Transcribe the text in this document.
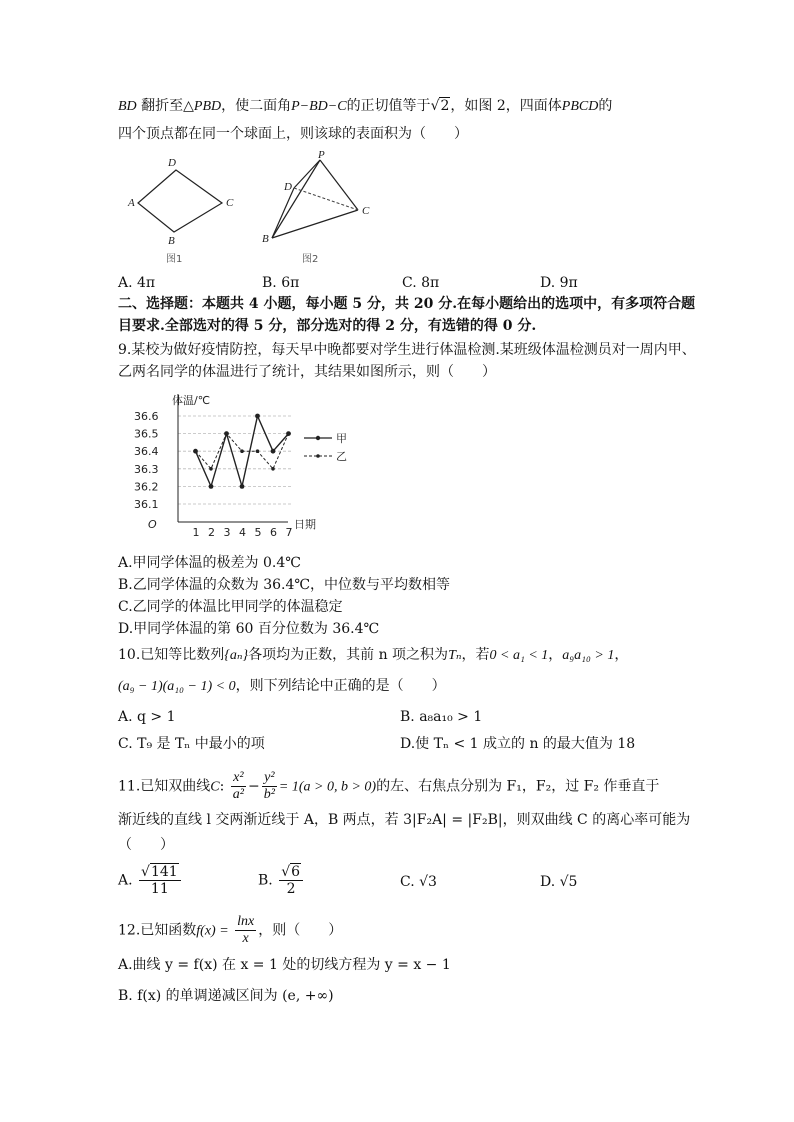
BD 翻折至△PBD，使二面角P−BD−C的正切值等于√2，如图 2，四面体PBCD的
四个顶点都在同一个球面上，则该球的表面积为（　　）
D
A	C
B
图1
P
D
C
B
图2
A. 4π	B. 6π	C. 8π	D. 9π
二、选择题：本题共 4 小题，每小题 5 分，共 20 分.在每小题给出的选项中，有多项符合题
目要求.全部选对的得 5 分，部分选对的得 2 分，有选错的得 0 分.
9.某校为做好疫情防控，每天早中晚都要对学生进行体温检测.某班级体温检测员对一周内甲、
乙两名同学的体温进行了统计，其结果如图所示，则（　　）
体温/℃
O	日期
36.6
36.5
36.4
36.3
36.2
36.1
1 2 3 4 5 6 7
甲
乙
A.甲同学体温的极差为 0.4℃
B.乙同学体温的众数为 36.4℃，中位数与平均数相等
C.乙同学的体温比甲同学的体温稳定
D.甲同学体温的第 60 百分位数为 36.4℃
10.已知等比数列{aₙ}各项均为正数，其前 n 项之积为Tₙ，若0 < a₁ < 1，a₉a₁₀ > 1，
(a₉ − 1)(a₁₀ − 1) < 0，则下列结论中正确的是（　　）
A. q > 1	B. a₈a₁₀ > 1
C. T₉ 是 Tₙ 中最小的项	D.使 Tₙ < 1 成立的 n 的最大值为 18
11.已知双曲线C: $\frac{\text{x²}}{\text{a²}} - \frac{\text{y²}}{\text{b²}} = 1(a > 0$, b > 0)的左、右焦点分别为 F₁，F₂，过 F₂ 作垂直于
渐近线的直线 l 交两渐近线于 A，B 两点，若 3|F₂A| = |F₂B|，则双曲线 C 的离心率可能为
（　　）
A. $\frac{√141}{11}$	B. $\frac{√6}{2}$	C. √3	D. √5
12.已知函数$f(x) = \frac{\ln x}{x}$ ，则（　　）
A.曲线 y = f(x) 在 x = 1 处的切线方程为 y = x − 1
B. f(x) 的单调递减区间为 (e, +∞)
